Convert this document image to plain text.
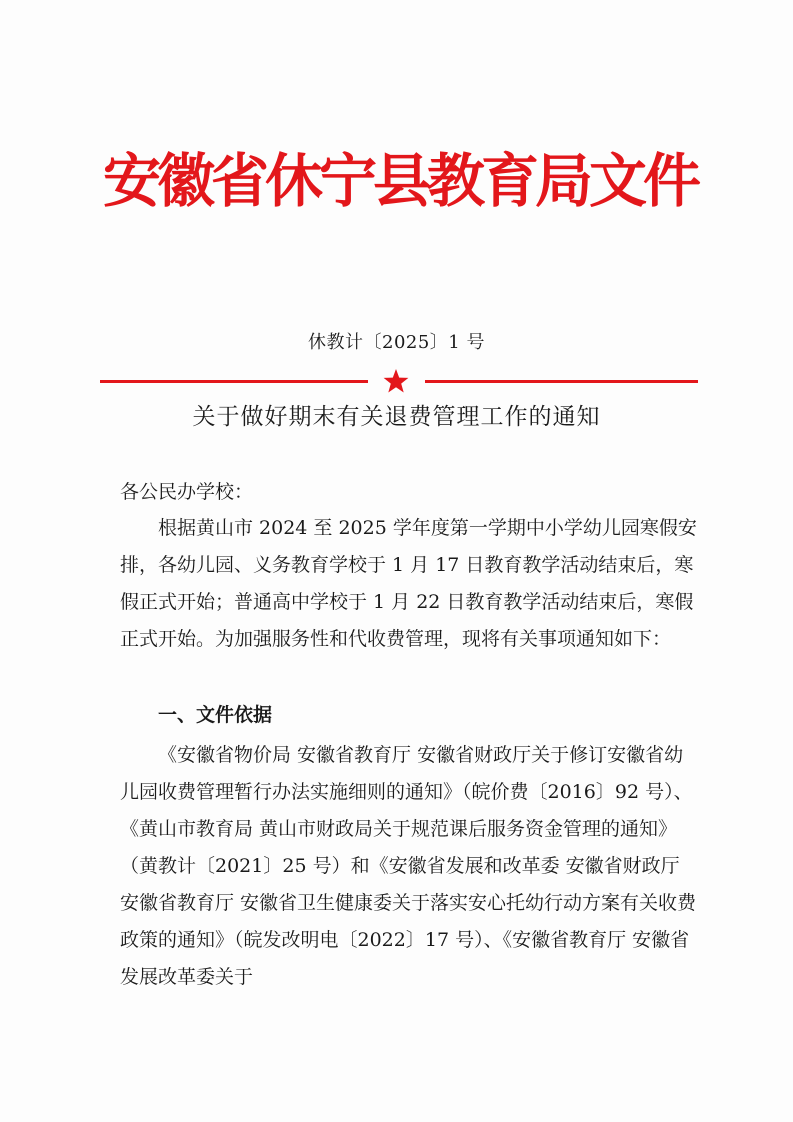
安徽省休宁县教育局文件
休教计〔2025〕1 号
关于做好期末有关退费管理工作的通知
各公民办学校：
根据黄山市 2024 至 2025 学年度第一学期中小学幼儿园寒假安排，各幼儿园、义务教育学校于 1 月 17 日教育教学活动结束后，寒假正式开始；普通高中学校于 1 月 22 日教育教学活动结束后，寒假正式开始。为加强服务性和代收费管理，现将有关事项通知如下：
一、文件依据
《安徽省物价局 安徽省教育厅 安徽省财政厅关于修订安徽省幼儿园收费管理暂行办法实施细则的通知》（皖价费〔2016〕92 号）、《黄山市教育局 黄山市财政局关于规范课后服务资金管理的通知》（黄教计〔2021〕25 号）和《安徽省发展和改革委 安徽省财政厅 安徽省教育厅 安徽省卫生健康委关于落实安心托幼行动方案有关收费政策的通知》（皖发改明电〔2022〕17 号）、《安徽省教育厅 安徽省发展改革委关于
